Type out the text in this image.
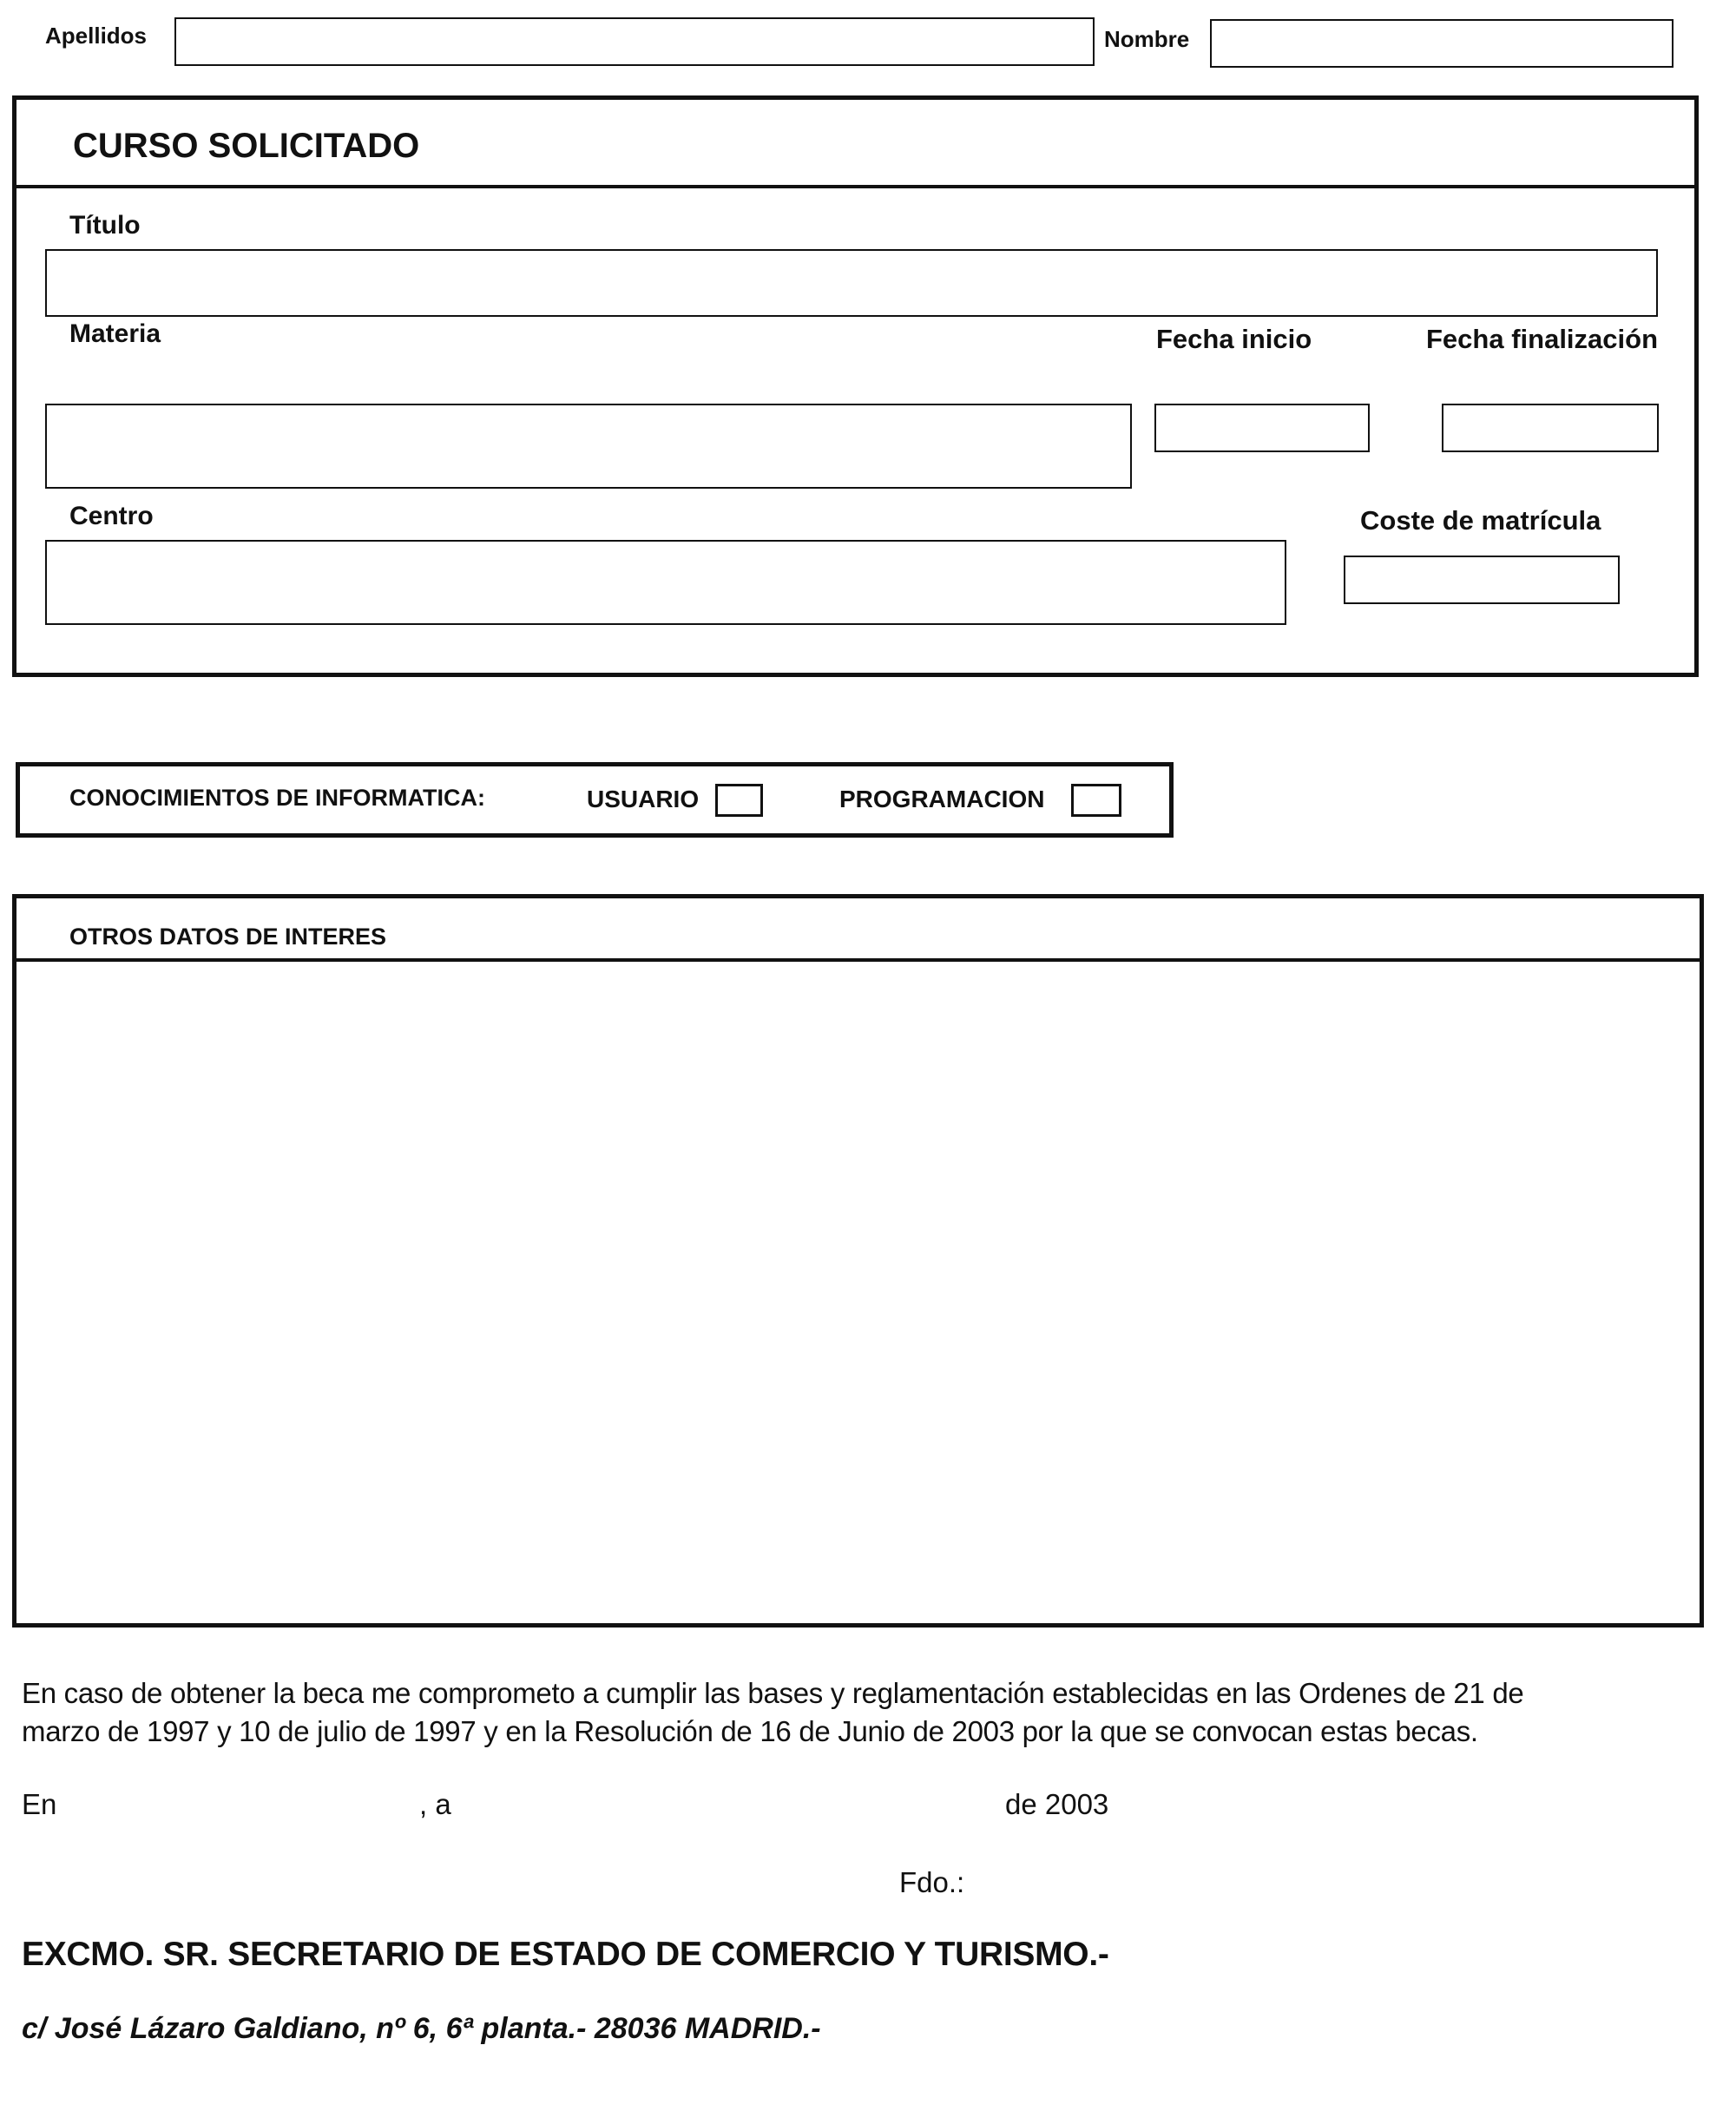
Apellidos	Nombre
CURSO SOLICITADO
Título
Materia	Fecha inicio	Fecha finalización
Centro	Coste de matrícula
CONOCIMIENTOS DE INFORMATICA:	USUARIO	PROGRAMACION
OTROS DATOS DE INTERES
En caso de obtener la beca me comprometo a cumplir las bases y reglamentación establecidas en las Ordenes de 21 de
marzo de 1997 y 10 de julio de 1997 y en la Resolución de 16 de Junio de 2003 por la que se convocan estas becas.
En	, a	de 2003
Fdo.:
EXCMO. SR. SECRETARIO DE ESTADO DE COMERCIO Y TURISMO.-
c/ José Lázaro Galdiano, nº 6, 6ª planta.- 28036 MADRID.-
